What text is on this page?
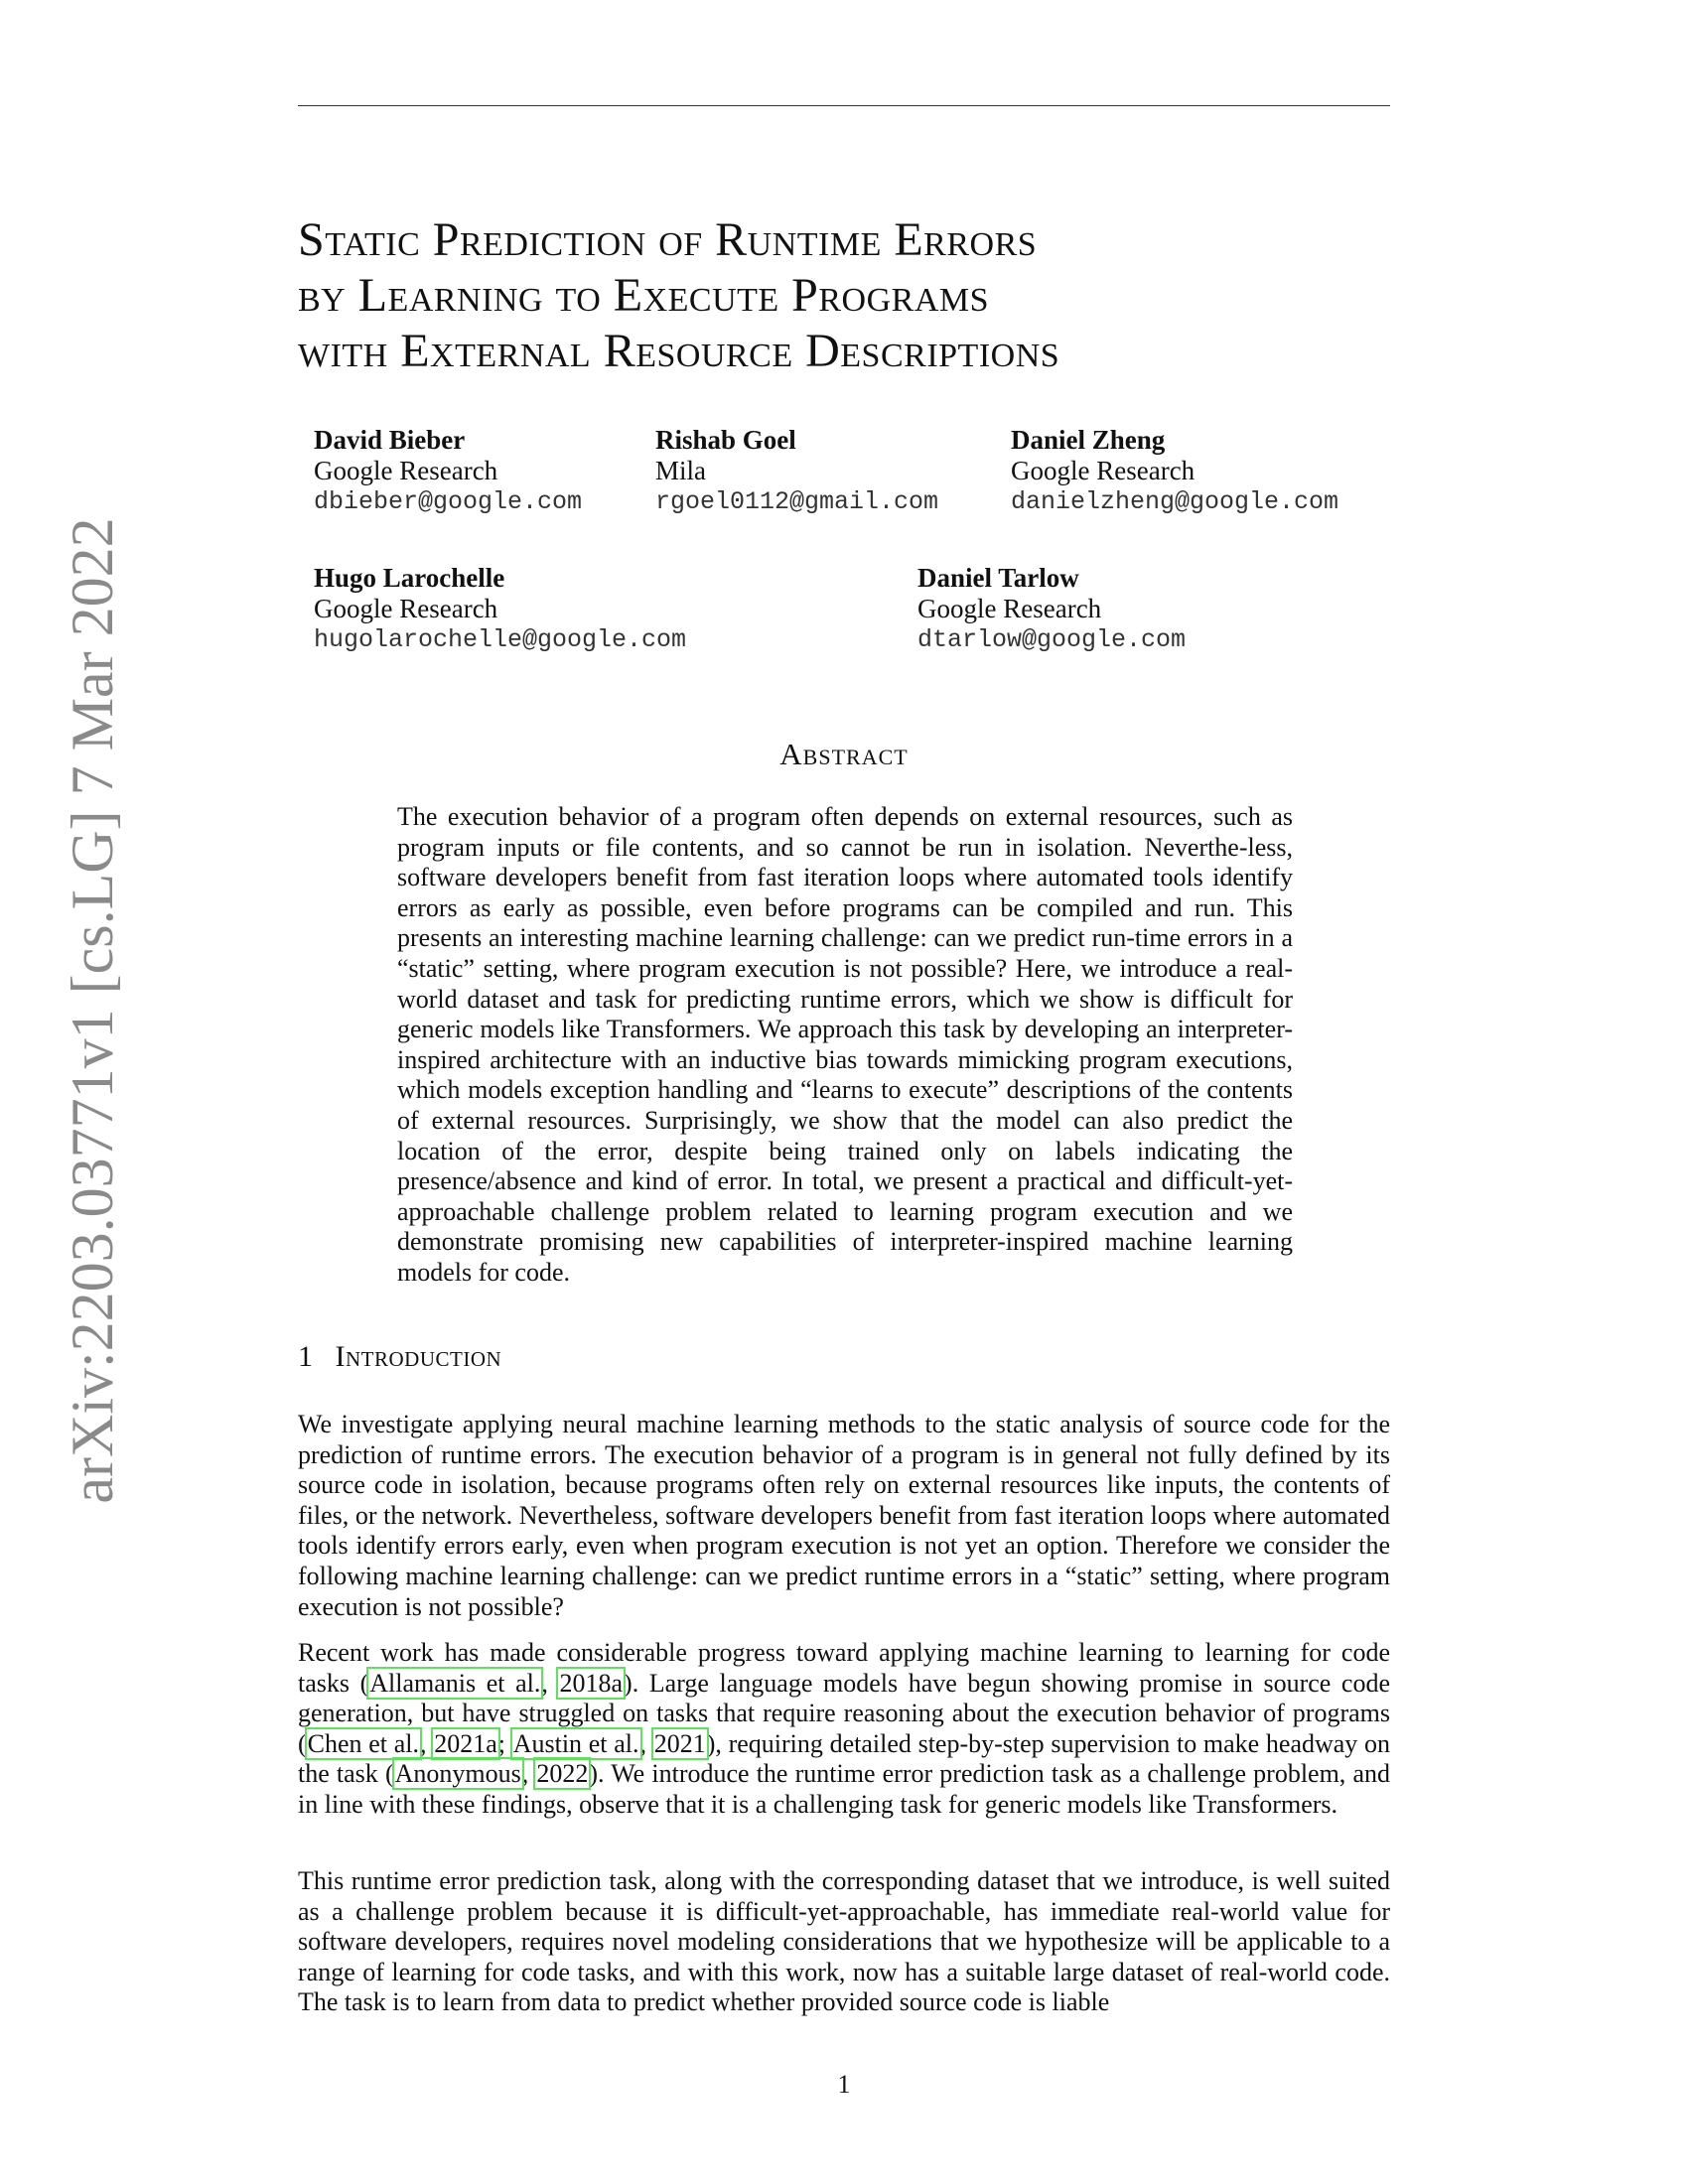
arXiv:2203.03771v1 [cs.LG] 7 Mar 2022
Static Prediction of Runtime Errors
by Learning to Execute Programs
with External Resource Descriptions
David Bieber
Google Research
dbieber@google.com
Rishab Goel
Mila
rgoel0112@gmail.com
Daniel Zheng
Google Research
danielzheng@google.com
Hugo Larochelle
Google Research
hugolarochelle@google.com
Daniel Tarlow
Google Research
dtarlow@google.com
Abstract
The execution behavior of a program often depends on external resources, such as program inputs or file contents, and so cannot be run in isolation. Neverthe-less, software developers benefit from fast iteration loops where automated tools identify errors as early as possible, even before programs can be compiled and run. This presents an interesting machine learning challenge: can we predict run-time errors in a “static” setting, where program execution is not possible? Here, we introduce a real-world dataset and task for predicting runtime errors, which we show is difficult for generic models like Transformers. We approach this task by developing an interpreter-inspired architecture with an inductive bias towards mimicking program executions, which models exception handling and “learns to execute” descriptions of the contents of external resources. Surprisingly, we show that the model can also predict the location of the error, despite being trained only on labels indicating the presence/absence and kind of error. In total, we present a practical and difficult-yet-approachable challenge problem related to learning program execution and we demonstrate promising new capabilities of interpreter-inspired machine learning models for code.
1 Introduction
We investigate applying neural machine learning methods to the static analysis of source code for the prediction of runtime errors. The execution behavior of a program is in general not fully defined by its source code in isolation, because programs often rely on external resources like inputs, the contents of files, or the network. Nevertheless, software developers benefit from fast iteration loops where automated tools identify errors early, even when program execution is not yet an option. Therefore we consider the following machine learning challenge: can we predict runtime errors in a “static” setting, where program execution is not possible?
Recent work has made considerable progress toward applying machine learning to learning for code tasks (Allamanis et al., 2018a). Large language models have begun showing promise in source code generation, but have struggled on tasks that require reasoning about the execution behavior of programs (Chen et al., 2021a; Austin et al., 2021), requiring detailed step-by-step supervision to make headway on the task (Anonymous, 2022). We introduce the runtime error prediction task as a challenge problem, and in line with these findings, observe that it is a challenging task for generic models like Transformers.
This runtime error prediction task, along with the corresponding dataset that we introduce, is well suited as a challenge problem because it is difficult-yet-approachable, has immediate real-world value for software developers, requires novel modeling considerations that we hypothesize will be applicable to a range of learning for code tasks, and with this work, now has a suitable large dataset of real-world code. The task is to learn from data to predict whether provided source code is liable
1
